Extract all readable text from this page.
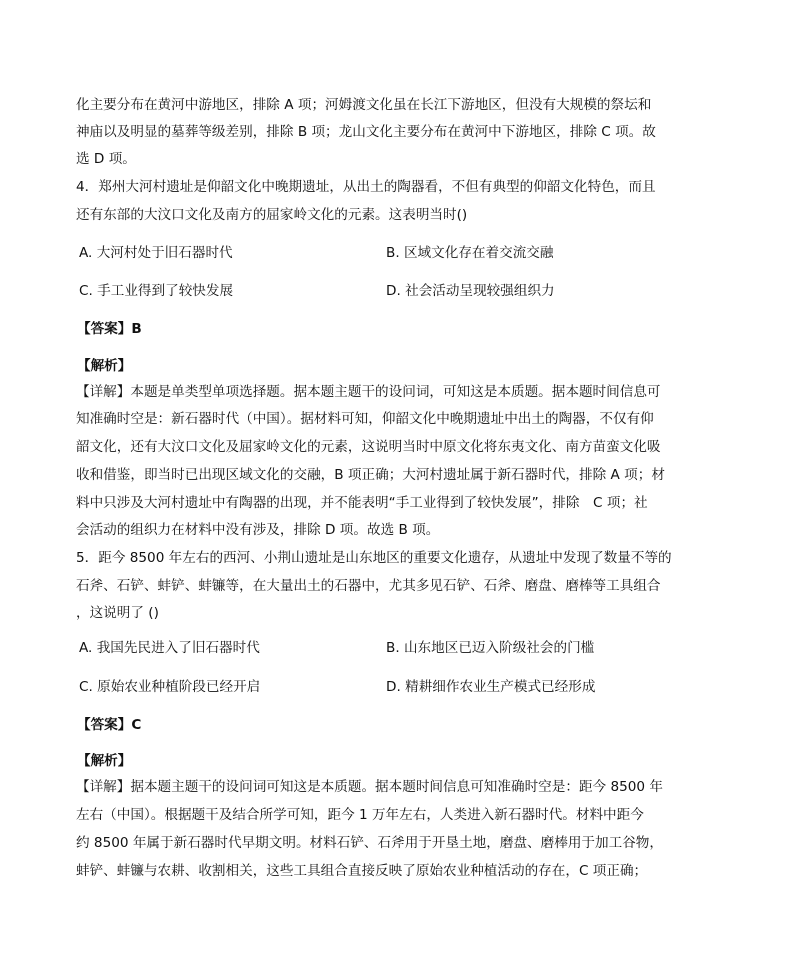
化主要分布在黄河中游地区，排除 A 项；河姆渡文化虽在长江下游地区，但没有大规模的祭坛和
神庙以及明显的墓葬等级差别，排除 B 项；龙山文化主要分布在黄河中下游地区，排除 C 项。故
选 D 项。
4．郑州大河村遗址是仰韶文化中晚期遗址，从出土的陶器看，不但有典型的仰韶文化特色，而且
还有东部的大汶口文化及南方的屈家岭文化的元素。这表明当时()
A. 大河村处于旧石器时代	B. 区域文化存在着交流交融
C. 手工业得到了较快发展	D. 社会活动呈现较强组织力
【答案】B
【解析】
【详解】本题是单类型单项选择题。据本题主题干的设问词，可知这是本质题。据本题时间信息可
知准确时空是：新石器时代（中国）。据材料可知，仰韶文化中晚期遗址中出土的陶器，不仅有仰
韶文化，还有大汶口文化及屈家岭文化的元素，这说明当时中原文化将东夷文化、南方苗蛮文化吸
收和借鉴，即当时已出现区域文化的交融，B 项正确；大河村遗址属于新石器时代，排除 A 项；材
料中只涉及大河村遗址中有陶器的出现，并不能表明“手工业得到了较快发展”，排除　C 项；社
会活动的组织力在材料中没有涉及，排除 D 项。故选 B 项。
5．距今 8500 年左右的西河、小荆山遗址是山东地区的重要文化遗存，从遗址中发现了数量不等的
石斧、石铲、蚌铲、蚌镰等，在大量出土的石器中，尤其多见石铲、石斧、磨盘、磨棒等工具组合
，这说明了 ()
A. 我国先民进入了旧石器时代	B. 山东地区已迈入阶级社会的门槛
C. 原始农业种植阶段已经开启	D. 精耕细作农业生产模式已经形成
【答案】C
【解析】
【详解】据本题主题干的设问词可知这是本质题。据本题时间信息可知准确时空是：距今 8500 年
左右（中国）。根据题干及结合所学可知，距今 1 万年左右，人类进入新石器时代。材料中距今
约 8500 年属于新石器时代早期文明。材料石铲、石斧用于开垦土地，磨盘、磨棒用于加工谷物，
蚌铲、蚌镰与农耕、收割相关，这些工具组合直接反映了原始农业种植活动的存在，C 项正确；
